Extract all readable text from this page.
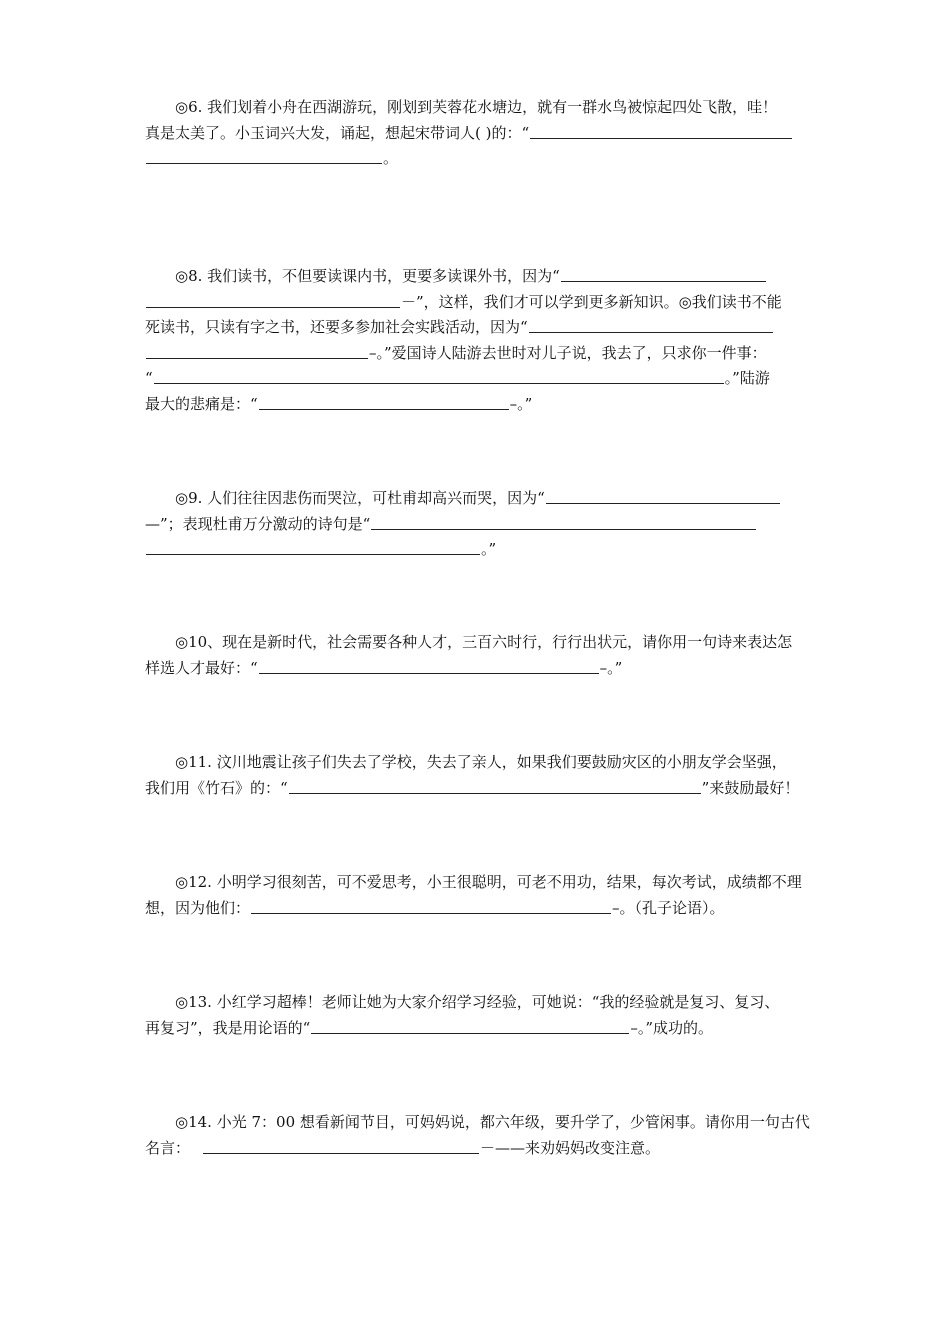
◎6. 我们划着小舟在西湖游玩，刚划到芙蓉花水塘边，就有一群水鸟被惊起四处飞散，哇！
真是太美了。小玉词兴大发，诵起，想起宋带词人( )的：“
。
◎8. 我们读书，不但要读课内书，更要多读课外书，因为“
－”，这样，我们才可以学到更多新知识。◎我们读书不能
死读书，只读有字之书，还要多参加社会实践活动，因为“
–。”爱国诗人陆游去世时对儿子说，我去了，只求你一件事：
“	。”陆游
最大的悲痛是：“	–。”
◎9. 人们往往因悲伤而哭泣，可杜甫却高兴而哭，因为“
—”；表现杜甫万分激动的诗句是“
。”
◎10、现在是新时代，社会需要各种人才，三百六时行，行行出状元，请你用一句诗来表达怎
样选人才最好：“	–。”
◎11. 汶川地震让孩子们失去了学校，失去了亲人，如果我们要鼓励灾区的小朋友学会坚强，
我们用《竹石》的：“	”来鼓励最好！
◎12. 小明学习很刻苦，可不爱思考，小王很聪明，可老不用功，结果，每次考试，成绩都不理
想，因为他们：	–。（孔子论语）。
◎13. 小红学习超棒！老师让她为大家介绍学习经验，可她说：“我的经验就是复习、复习、
再复习”，我是用论语的“	–。”成功的。
◎14. 小光 7：00 想看新闻节目，可妈妈说，都六年级，要升学了，少管闲事。请你用一句古代
名言：	－——来劝妈妈改变注意。
